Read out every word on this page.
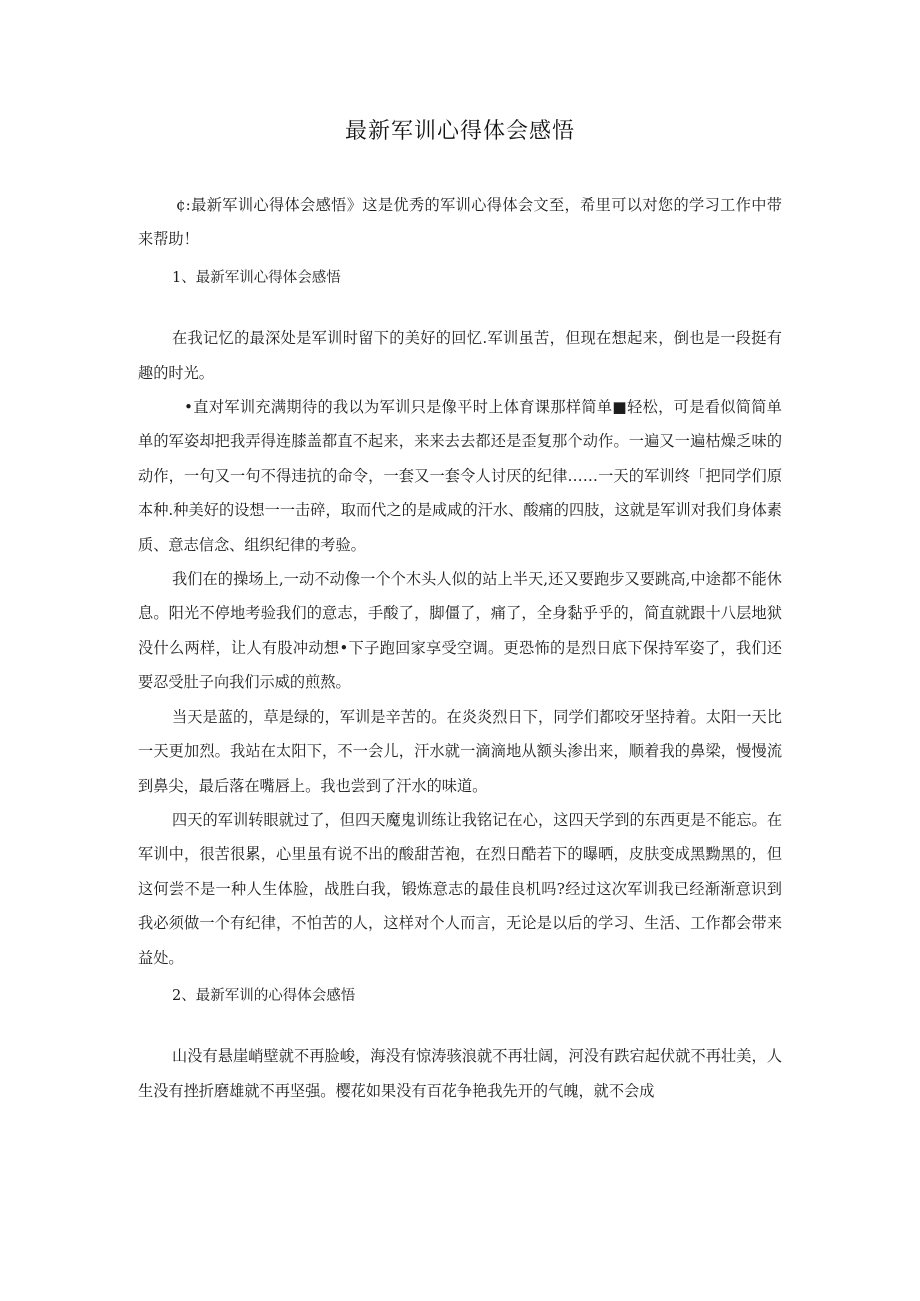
最新军训心得体会感悟

¢:最新军训心得体会感悟》这是优秀的军训心得体会文至，希里可以对您的学习工作中带来帮助！

1、最新军训心得体会感悟

在我记忆的最深处是军训时留下的美好的回忆.军训虽苦，但现在想起来，倒也是一段挺有趣的时光。

•直对军训充满期待的我以为军训只是像平时上体育课那样简单■轻松，可是看似简简单单的军姿却把我弄得连膝盖都直不起来，来来去去都还是歪复那个动作。一遍又一遍枯燥乏味的动作，一句又一句不得违抗的命令，一套又一套令人讨厌的纪律……一天的军训终「把同学们原本种.种美好的设想一一击碎，取而代之的是咸咸的汗水、酸痛的四肢，这就是军训对我们身体素质、意志信念、组织纪律的考验。

我们在的操场上,一动不动像一个个木头人似的站上半天,还又要跑步又要跳高,中途都不能休息。阳光不停地考验我们的意志，手酸了，脚僵了，痛了，全身黏乎乎的，简直就跟十八层地狱没什么两样，让人有股冲动想•下子跑回家享受空调。更恐怖的是烈日底下保持军姿了，我们还要忍受肚子向我们示威的煎熬。

当天是蓝的，草是绿的，军训是辛苦的。在炎炎烈日下，同学们都咬牙坚持着。太阳一天比一天更加烈。我站在太阳下，不一会儿，汗水就一滴滴地从额头渗出来，顺着我的鼻梁，慢慢流到鼻尖，最后落在嘴唇上。我也尝到了汗水的味道。

四天的军训转眼就过了，但四天魔鬼训练让我铭记在心，这四天学到的东西更是不能忘。在军训中，很苦很累，心里虽有说不出的酸甜苦袍，在烈日酷若下的曝晒，皮肤变成黑黝黑的，但这何尝不是一种人生体脸，战胜白我，锻炼意志的最佳良机吗?经过这次军训我已经渐渐意识到我必须做一个有纪律，不怕苦的人，这样对个人而言，无论是以后的学习、生活、工作都会带来益处。

2、最新军训的心得体会感悟

山没有悬崖峭壁就不再脸峻，海没有惊涛骇浪就不再壮阔，河没有跌宕起伏就不再壮美，人生没有挫折磨雄就不再坚强。樱花如果没有百花争艳我先开的气魄，就不会成
